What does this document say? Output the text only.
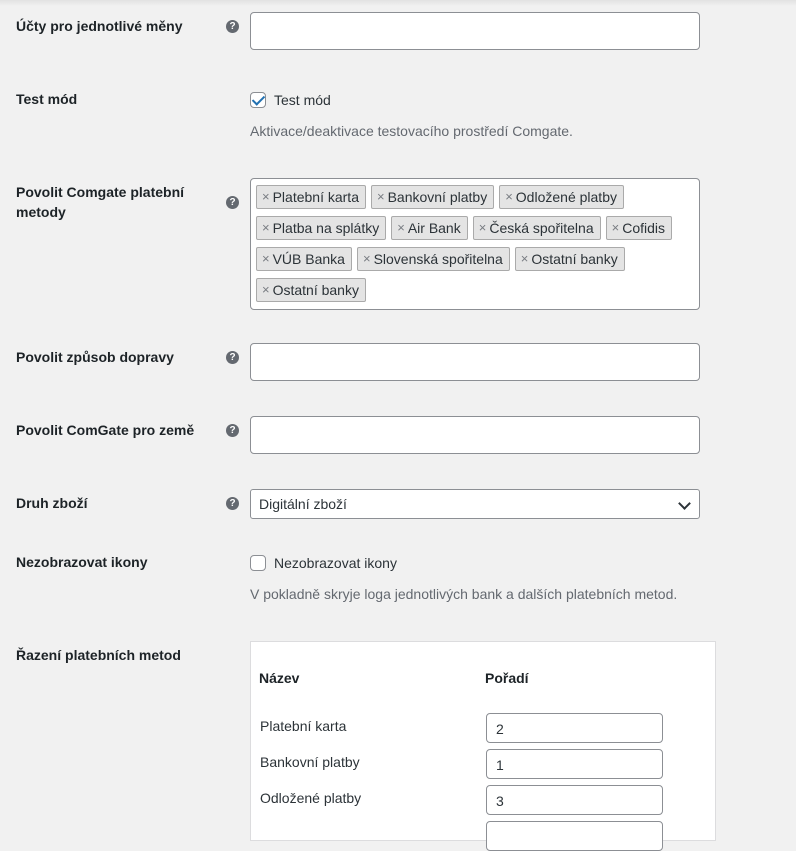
Účty pro jednotlivé měny	?
Test mód	Test mód
Aktivace/deaktivace testovacího prostředí Comgate.
Povolit Comgate platební metody
? × Platební karta × Bankovní platby × Odložené platby
× Platba na splátky × Air Bank × Česká spořitelna × Cofidis
× VÚB Banka × Slovenská spořitelna × Ostatní banky
× Ostatní banky
Povolit způsob dopravy	?
Povolit ComGate pro země	?
Druh zboží	?	Digitální zboží
Nezobrazovat ikony	Nezobrazovat ikony
V pokladně skryje loga jednotlivých bank a dalších platebních metod.
Řazení platebních metod
Název	Pořadí
Platební karta	2
Bankovní platby	1
Odložené platby	3
